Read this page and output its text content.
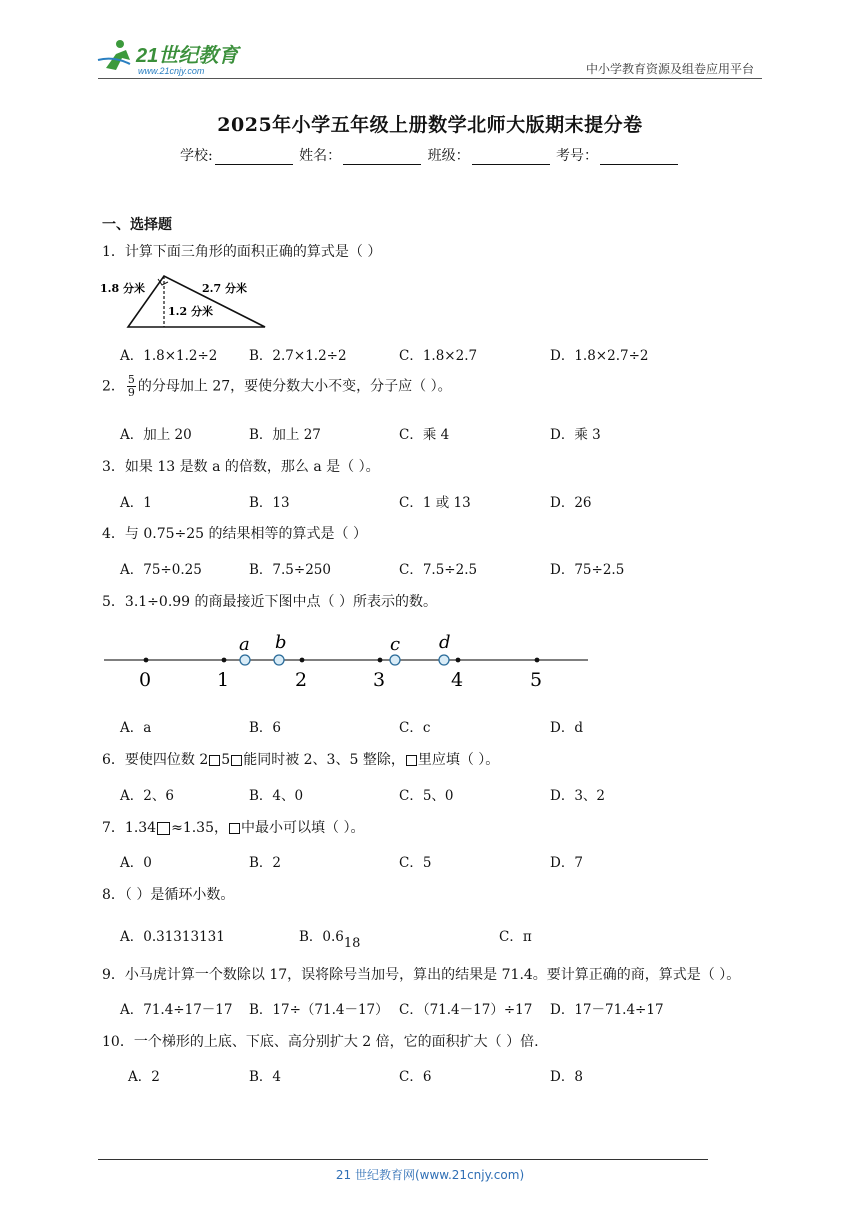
21世纪教育
www.21cnjy.com	中小学教育资源及组卷应用平台
2025年小学五年级上册数学北师大版期末提分卷
学校:	姓名：	班级：	考号：
一、选择题
1．计算下面三角形的面积正确的算式是（ ）
1.8 分米	2.7 分米
1.2 分米
A．1.8×1.2÷2 B．2.7×1.2÷2	C．1.8×2.7	D．1.8×2.7÷2
2． $\frac{5}{9}$ 的分母加上 27，要使分数大小不变，分子应（ ）。
A．加上 20	B．加上 27	C．乘 4	D．乘 3
3．如果 13 是数 a 的倍数，那么 a 是（ ）。
A．1	B．13	C．1 或 13	D．26
4．与 0.75÷25 的结果相等的算式是（ ）
A．75÷0.25	B．7.5÷250	C．7.5÷2.5	D．75÷2.5
5．3.1÷0.99 的商最接近下图中点（ ）所表示的数。
0	1	2	3	4	5
a b	c d
A．a	B．6	C．c	D．d
6．要使四位数 2 5 能同时被 2、3、5 整除， 里应填（ ）。
A．2、6	B．4、0	C．5、0	D．3、2
7．1.34 ≈1.35， 中最小可以填（ ）。
A．0	B．2	C．5	D．7
8．（ ）是循环小数。
A．0.31313131	B．0.618	C．π
9．小马虎计算一个数除以 17，误将除号当加号，算出的结果是 71.4。要计算正确的商，算式是（ ）。
A．71.4÷17－17 B．17÷（71.4－17） C．（71.4－17）÷17 D．17－71.4÷17
10．一个梯形的上底、下底、高分别扩大 2 倍，它的面积扩大（ ）倍.
A．2	B．4	C．6	D．8
21 世纪教育网(www.21cnjy.com)
